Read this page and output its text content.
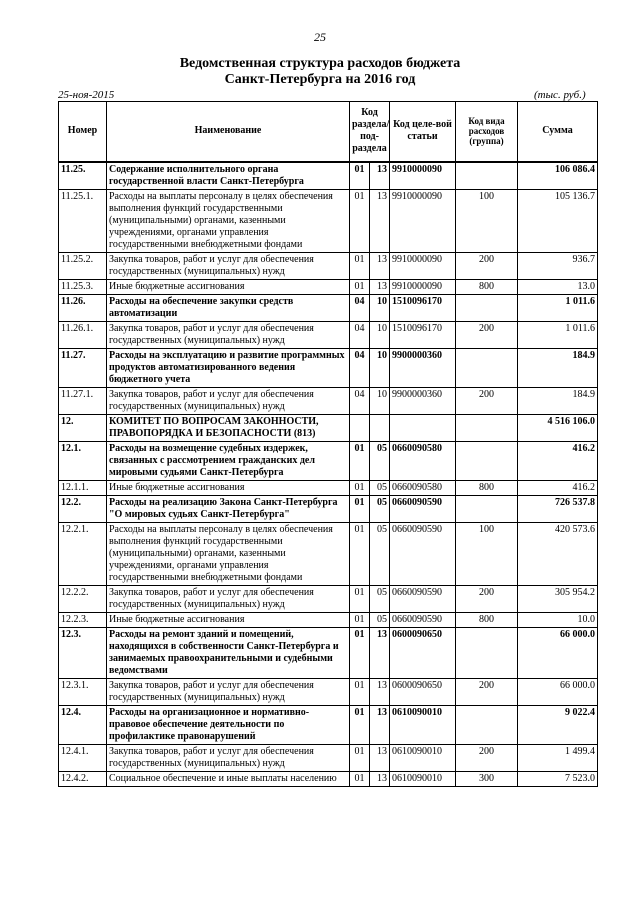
25
Ведомственная структура расходов бюджета
Санкт-Петербурга на 2016 год
25-ноя-2015	(тыс. руб.)
Номер	Наименование	Код раздела/ под-раздела		Код целе-вой статьи	Код вида расходов (группа)	Сумма
11.25.	Содержание исполнительного органа государственной власти Санкт-Петербурга	01	13	9910000090		106 086.4
11.25.1.	Расходы на выплаты персоналу в целях обеспечения выполнения функций государственными (муниципальными) органами, казенными учреждениями, органами управления государственными внебюджетными фондами	01	13	9910000090	100	105 136.7
11.25.2.	Закупка товаров, работ и услуг для обеспечения государственных (муниципальных) нужд	01	13	9910000090	200	936.7
11.25.3.	Иные бюджетные ассигнования	01	13	9910000090	800	13.0
11.26.	Расходы на обеспечение закупки средств автоматизации	04	10	1510096170		1 011.6
11.26.1.	Закупка товаров, работ и услуг для обеспечения государственных (муниципальных) нужд	04	10	1510096170	200	1 011.6
11.27.	Расходы на эксплуатацию и развитие программных продуктов автоматизированного ведения бюджетного учета	04	10	9900000360		184.9
11.27.1.	Закупка товаров, работ и услуг для обеспечения государственных (муниципальных) нужд	04	10	9900000360	200	184.9
12.	КОМИТЕТ ПО ВОПРОСАМ ЗАКОННОСТИ, ПРАВОПОРЯДКА И БЕЗОПАСНОСТИ (813)					4 516 106.0
12.1.	Расходы на возмещение судебных издержек, связанных с рассмотрением гражданских дел мировыми судьями Санкт-Петербурга	01	05	0660090580		416.2
12.1.1.	Иные бюджетные ассигнования	01	05	0660090580	800	416.2
12.2.	Расходы на реализацию Закона Санкт-Петербурга "О мировых судьях Санкт-Петербурга"	01	05	0660090590		726 537.8
12.2.1.	Расходы на выплаты персоналу в целях обеспечения выполнения функций государственными (муниципальными) органами, казенными учреждениями, органами управления государственными внебюджетными фондами	01	05	0660090590	100	420 573.6
12.2.2.	Закупка товаров, работ и услуг для обеспечения государственных (муниципальных) нужд	01	05	0660090590	200	305 954.2
12.2.3.	Иные бюджетные ассигнования	01	05	0660090590	800	10.0
12.3.	Расходы на ремонт зданий и помещений, находящихся в собственности Санкт-Петербурга и занимаемых правоохранительными и судебными ведомствами	01	13	0600090650		66 000.0
12.3.1.	Закупка товаров, работ и услуг для обеспечения государственных (муниципальных) нужд	01	13	0600090650	200	66 000.0
12.4.	Расходы на организационное и нормативно-правовое обеспечение деятельности по профилактике правонарушений	01	13	0610090010		9 022.4
12.4.1.	Закупка товаров, работ и услуг для обеспечения государственных (муниципальных) нужд	01	13	0610090010	200	1 499.4
12.4.2.	Социальное обеспечение и иные выплаты населению	01	13	0610090010	300	7 523.0
